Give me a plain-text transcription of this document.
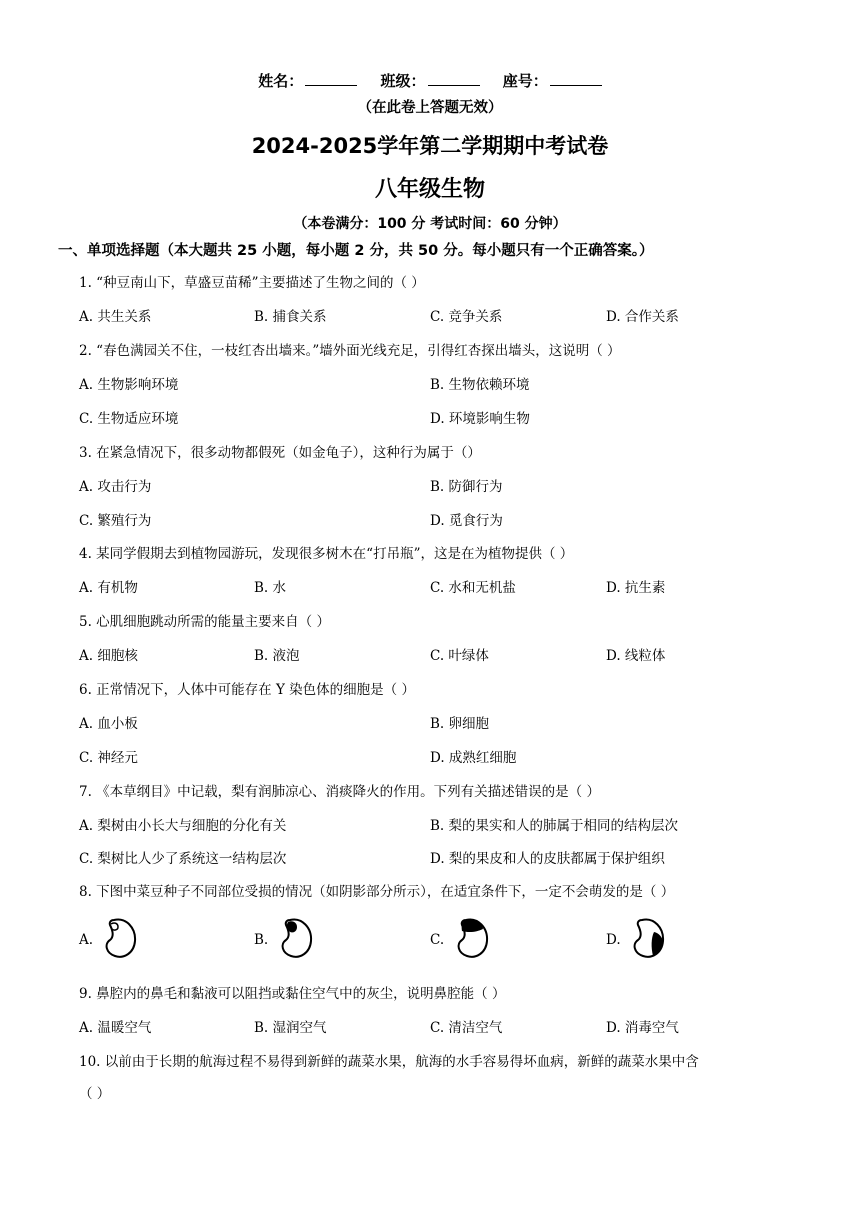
姓名：	班级：	座号：
（在此卷上答题无效）
2024-2025学年第二学期期中考试卷
八年级生物
（本卷满分：100 分 考试时间：60 分钟）
一、单项选择题（本大题共 25 小题，每小题 2 分，共 50 分。每小题只有一个正确答案。）
1. “种豆南山下，草盛豆苗稀”主要描述了生物之间的（ ）
A. 共生关系	B. 捕食关系	C. 竞争关系	D. 合作关系
2. “春色满园关不住，一枝红杏出墙来。”墙外面光线充足，引得红杏探出墙头，这说明（ ）
A. 生物影响环境	B. 生物依赖环境
C. 生物适应环境	D. 环境影响生物
3. 在紧急情况下，很多动物都假死（如金龟子），这种行为属于（）
A. 攻击行为	B. 防御行为
C. 繁殖行为	D. 觅食行为
4. 某同学假期去到植物园游玩，发现很多树木在“打吊瓶”，这是在为植物提供（ ）
A. 有机物	B. 水	C. 水和无机盐	D. 抗生素
5. 心肌细胞跳动所需的能量主要来自（ ）
A. 细胞核	B. 液泡	C. 叶绿体	D. 线粒体
6. 正常情况下，人体中可能存在 Y 染色体的细胞是（ ）
A. 血小板	B. 卵细胞
C. 神经元	D. 成熟红细胞
7. 《本草纲目》中记载，梨有润肺凉心、消痰降火的作用。下列有关描述错误的是（ ）
A. 梨树由小长大与细胞的分化有关	B. 梨的果实和人的肺属于相同的结构层次
C. 梨树比人少了系统这一结构层次	D. 梨的果皮和人的皮肤都属于保护组织
8. 下图中菜豆种子不同部位受损的情况（如阴影部分所示），在适宜条件下，一定不会萌发的是（ ）
A.	B.	C.	D.
9. 鼻腔内的鼻毛和黏液可以阻挡或黏住空气中的灰尘，说明鼻腔能（ ）
A. 温暖空气	B. 湿润空气	C. 清洁空气	D. 消毒空气
10. 以前由于长期的航海过程不易得到新鲜的蔬菜水果，航海的水手容易得坏血病，新鲜的蔬菜水果中含
（ ）
